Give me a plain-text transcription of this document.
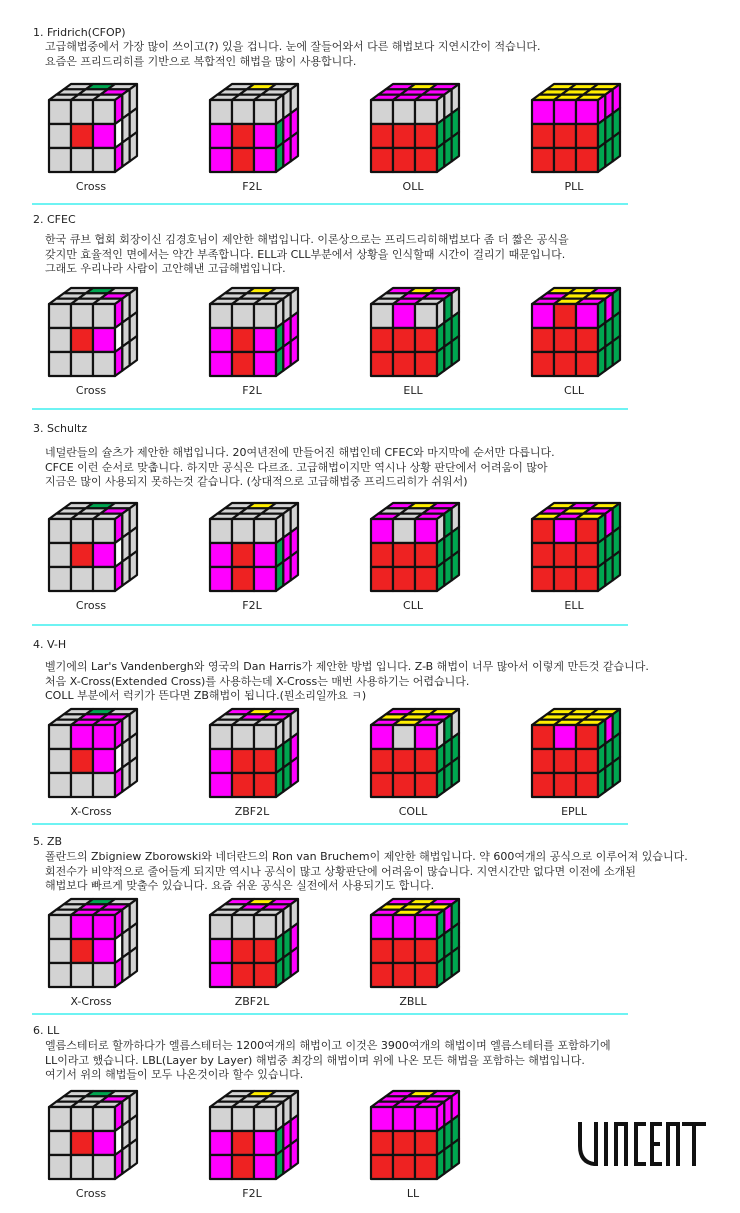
1. Fridrich(CFOP)
고급해법중에서 가장 많이 쓰이고(?) 있을 겁니다. 눈에 잘들어와서 다른 해법보다 지연시간이 적습니다.
요즘은 프리드리히를 기반으로 복합적인 해법을 많이 사용합니다.
Cross	F2L	OLL	PLL
2. CFEC
한국 큐브 협회 회장이신 김경호님이 제안한 해법입니다. 이론상으로는 프리드리히해법보다 좀 더 짧은 공식을
갖지만 효율적인 면에서는 약간 부족합니다. ELL과 CLL부분에서 상황을 인식할때 시간이 걸리기 때문입니다.
그래도 우리나라 사람이 고안해낸 고급해법입니다.
Cross	F2L	ELL	CLL
3. Schultz
네덜란들의 슐츠가 제안한 해법입니다. 20여년전에 만들어진 해법인데 CFEC와 마지막에 순서만 다릅니다.
CFCE 이런 순서로 맞춥니다. 하지만 공식은 다르죠. 고급해법이지만 역시나 상황 판단에서 어려움이 많아
지금은 많이 사용되지 못하는것 같습니다. (상대적으로 고급해법중 프리드리히가 쉬워서)
Cross	F2L	CLL	ELL
4. V-H
벨기에의 Lar's Vandenbergh와 영국의 Dan Harris가 제안한 방법 입니다. Z-B 해법이 너무 많아서 이렇게 만든것 같습니다.
처음 X-Cross(Extended Cross)를 사용하는데 X-Cross는 매번 사용하기는 어렵습니다.
COLL 부분에서 럭키가 뜬다면 ZB해법이 됩니다.(뭔소리일까요 ㅋ)
X-Cross	ZBF2L	COLL	EPLL
5. ZB
폴란드의 Zbigniew Zborowski와 네더란드의 Ron van Bruchem이 제안한 해법입니다. 약 600여개의 공식으로 이루어져 있습니다.
회전수가 비약적으로 줄어들게 되지만 역시나 공식이 많고 상황판단에 어려움이 많습니다. 지연시간만 없다면 이전에 소개된
해법보다 빠르게 맞출수 있습니다. 요즘 쉬운 공식은 실전에서 사용되기도 합니다.
X-Cross	ZBF2L	ZBLL
6. LL
엘름스테터로 할까하다가 엘름스테터는 1200여개의 해법이고 이것은 3900여개의 해법이며 엘름스테터를 포함하기에
LL이라고 했습니다. LBL(Layer by Layer) 해법중 최강의 해법이며 위에 나온 모든 해법을 포함하는 해법입니다.
여기서 위의 해법들이 모두 나온것이라 할수 있습니다.
Cross	F2L	LL
